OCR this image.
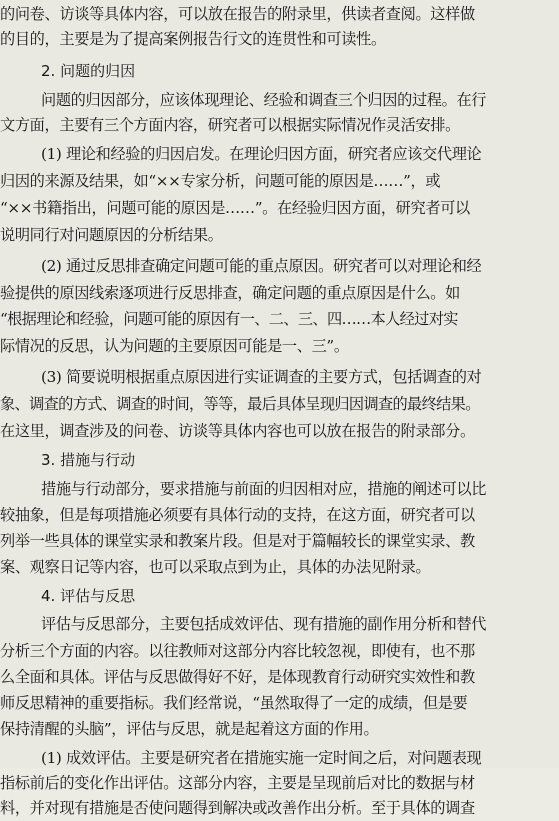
的问卷、访谈等具体内容，可以放在报告的附录里，供读者查阅。这样做
的目的，主要是为了提高案例报告行文的连贯性和可读性。
2. 问题的归因
问题的归因部分，应该体现理论、经验和调查三个归因的过程。在行
文方面，主要有三个方面内容，研究者可以根据实际情况作灵活安排。
(1) 理论和经验的归因启发。在理论归因方面，研究者应该交代理论
归因的来源及结果，如“××专家分析，问题可能的原因是……”，或
“××书籍指出，问题可能的原因是……”。在经验归因方面，研究者可以
说明同行对问题原因的分析结果。
(2) 通过反思排查确定问题可能的重点原因。研究者可以对理论和经
验提供的原因线索逐项进行反思排查，确定问题的重点原因是什么。如
“根据理论和经验，问题可能的原因有一、二、三、四……本人经过对实
际情况的反思，认为问题的主要原因可能是一、三”。
(3) 简要说明根据重点原因进行实证调查的主要方式，包括调查的对
象、调查的方式、调查的时间，等等，最后具体呈现归因调查的最终结果。
在这里，调查涉及的问卷、访谈等具体内容也可以放在报告的附录部分。
3. 措施与行动
措施与行动部分，要求措施与前面的归因相对应，措施的阐述可以比
较抽象，但是每项措施必须要有具体行动的支持，在这方面，研究者可以
列举一些具体的课堂实录和教案片段。但是对于篇幅较长的课堂实录、教
案、观察日记等内容，也可以采取点到为止，具体的办法见附录。
4. 评估与反思
评估与反思部分，主要包括成效评估、现有措施的副作用分析和替代
分析三个方面的内容。以往教师对这部分内容比较忽视，即使有，也不那
么全面和具体。评估与反思做得好不好，是体现教育行动研究实效性和教
师反思精神的重要指标。我们经常说，“虽然取得了一定的成绩，但是要
保持清醒的头脑”，评估与反思，就是起着这方面的作用。
(1) 成效评估。主要是研究者在措施实施一定时间之后，对问题表现
指标前后的变化作出评估。这部分内容，主要是呈现前后对比的数据与材
料，并对现有措施是否使问题得到解决或改善作出分析。至于具体的调查
